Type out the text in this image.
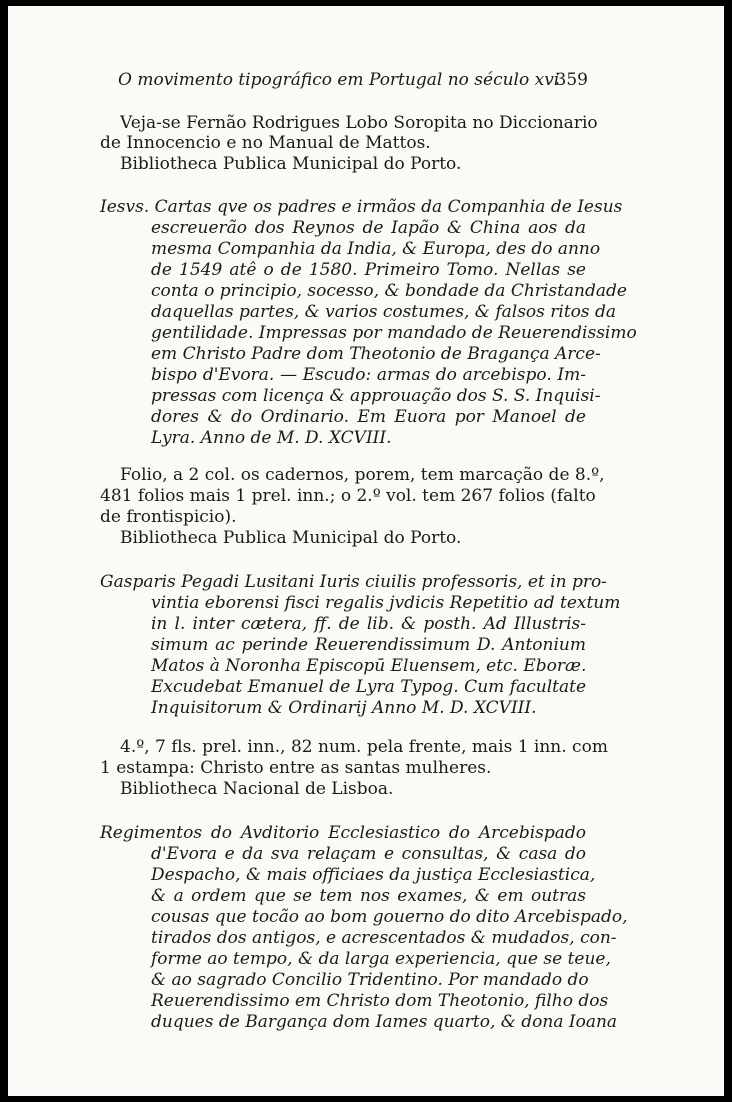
O movimento tipográfico em Portugal no século xvi
359
Veja-se Fernão Rodrigues Lobo Soropita no Diccionario
de Innocencio e no Manual de Mattos.
Bibliotheca Publica Municipal do Porto.
Iesvs. Cartas qve os padres e irmãos da Companhia de Iesus
escreuerão dos Reynos de Iapão & China aos da
mesma Companhia da India, & Europa, des do anno
de 1549 atê o de 1580. Primeiro Tomo. Nellas se
conta o principio, socesso, & bondade da Christandade
daquellas partes, & varios costumes, & falsos ritos da
gentilidade. Impressas por mandado de Reuerendissimo
em Christo Padre dom Theotonio de Bragança Arce-
bispo d'Evora. — Escudo: armas do arcebispo. Im-
pressas com licença & approuação dos S. S. Inquisi-
dores & do Ordinario. Em Euora por Manoel de
Lyra. Anno de M. D. XCVIII.
Folio, a 2 col. os cadernos, porem, tem marcação de 8.º,
481 folios mais 1 prel. inn.; o 2.º vol. tem 267 folios (falto
de frontispicio).
Bibliotheca Publica Municipal do Porto.
Gasparis Pegadi Lusitani Iuris ciuilis professoris, et in pro-
vintia eborensi fisci regalis jvdicis Repetitio ad textum
in l. inter cætera, ff. de lib. & posth. Ad Illustris-
simum ac perinde Reuerendissimum D. Antonium
Matos à Noronha Episcopū Eluensem, etc. Eboræ.
Excudebat Emanuel de Lyra Typog. Cum facultate
Inquisitorum & Ordinarij Anno M. D. XCVIII.
4.º, 7 fls. prel. inn., 82 num. pela frente, mais 1 inn. com
1 estampa: Christo entre as santas mulheres.
Bibliotheca Nacional de Lisboa.
Regimentos do Avditorio Ecclesiastico do Arcebispado
d'Evora e da sva relaçam e consultas, & casa do
Despacho, & mais officiaes da justiça Ecclesiastica,
& a ordem que se tem nos exames, & em outras
cousas que tocão ao bom gouerno do dito Arcebispado,
tirados dos antigos, e acrescentados & mudados, con-
forme ao tempo, & da larga experiencia, que se teue,
& ao sagrado Concilio Tridentino. Por mandado do
Reuerendissimo em Christo dom Theotonio, filho dos
duques de Bargança dom Iames quarto, & dona Ioana
